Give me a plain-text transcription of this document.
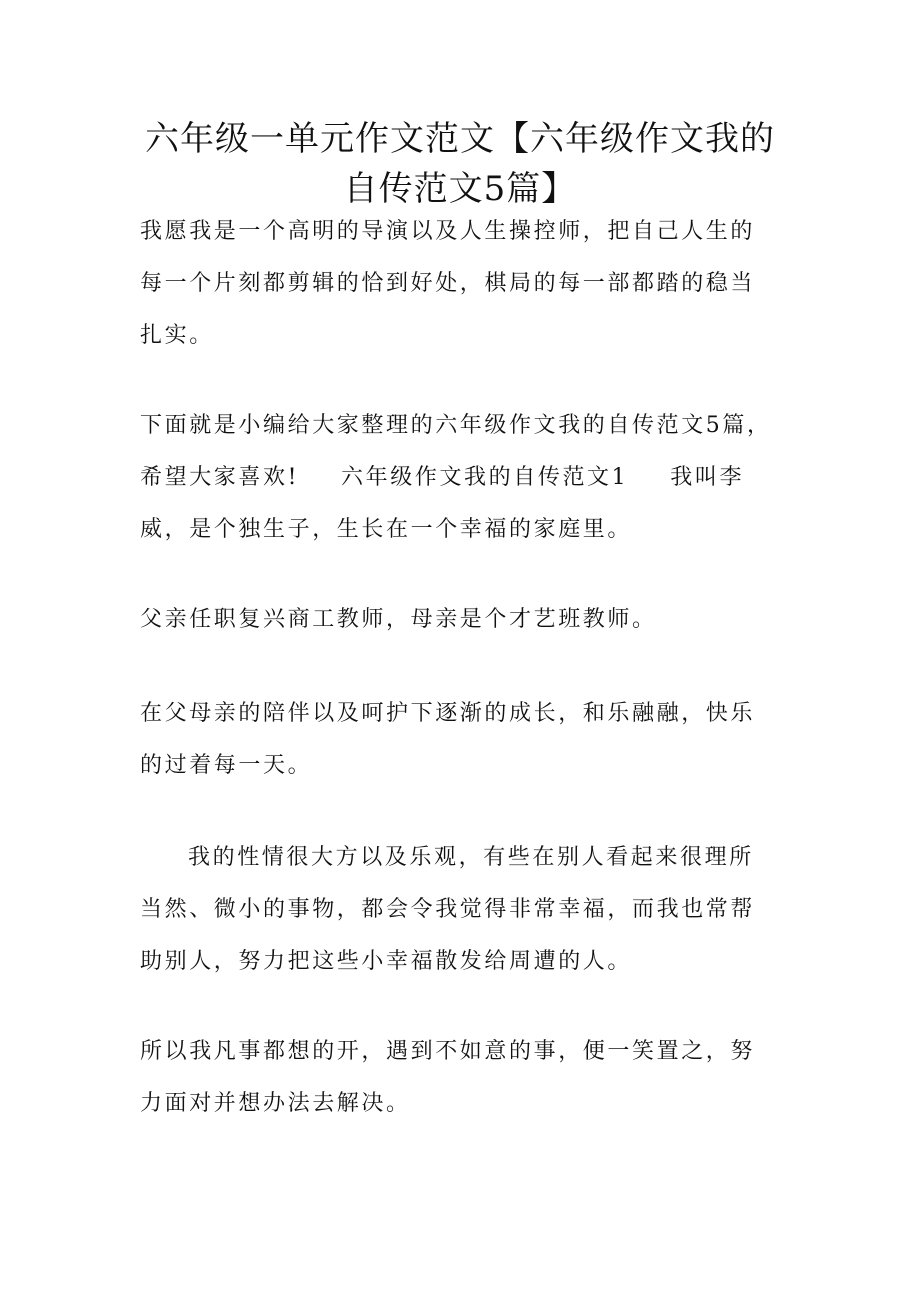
六年级一单元作文范文【六年级作文我的
自传范文5篇】

我愿我是一个高明的导演以及人生操控师，把自己人生的
每一个片刻都剪辑的恰到好处，棋局的每一部都踏的稳当
扎实。

下面就是小编给大家整理的六年级作文我的自传范文5篇，
希望大家喜欢! 六年级作文我的自传范文1 我叫李
威，是个独生子，生长在一个幸福的家庭里。

父亲任职复兴商工教师，母亲是个才艺班教师。

在父母亲的陪伴以及呵护下逐渐的成长，和乐融融，快乐
的过着每一天。

我的性情很大方以及乐观，有些在别人看起来很理所
当然、微小的事物，都会令我觉得非常幸福，而我也常帮
助别人，努力把这些小幸福散发给周遭的人。

所以我凡事都想的开，遇到不如意的事，便一笑置之，努
力面对并想办法去解决。
